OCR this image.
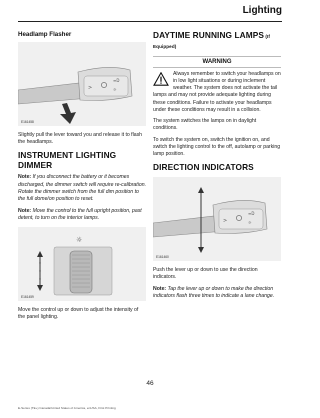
Lighting
Headlamp Flasher
>
≡D
☼
E161458
Slightly pull the lever toward you and release it to flash the headlamps.
INSTRUMENT LIGHTING DIMMER
Note: If you disconnect the battery or it becomes discharged, the dimmer switch will require re-calibration. Rotate the dimmer switch from the full dim position to the full dome/on position to reset.
Note: Move the control to the full upright position, past detent, to turn on the interior lamps.
☼
E161459
Move the control up or down to adjust the intensity of the panel lighting.
DAYTIME RUNNING LAMPS (If Equipped)
WARNING
Always remember to switch your headlamps on in low light situations or during inclement weather. The system does not activate the tail lamps and may not provide adequate lighting during these conditions. Failure to activate your headlamps under these conditions may result in a collision.
The system switches the lamps on in daylight conditions.
To switch the system on, switch the ignition on, and switch the lighting control to the off, autolamp or parking lamp position.
DIRECTION INDICATORS
>
≡D
☼
E161460
Push the lever up or down to use the direction indicators.
Note: Tap the lever up or down to make the direction indicators flash three times to indicate a lane change.
46
E-Series (TE+) Canada/United States of America, enUSA, First Printing
